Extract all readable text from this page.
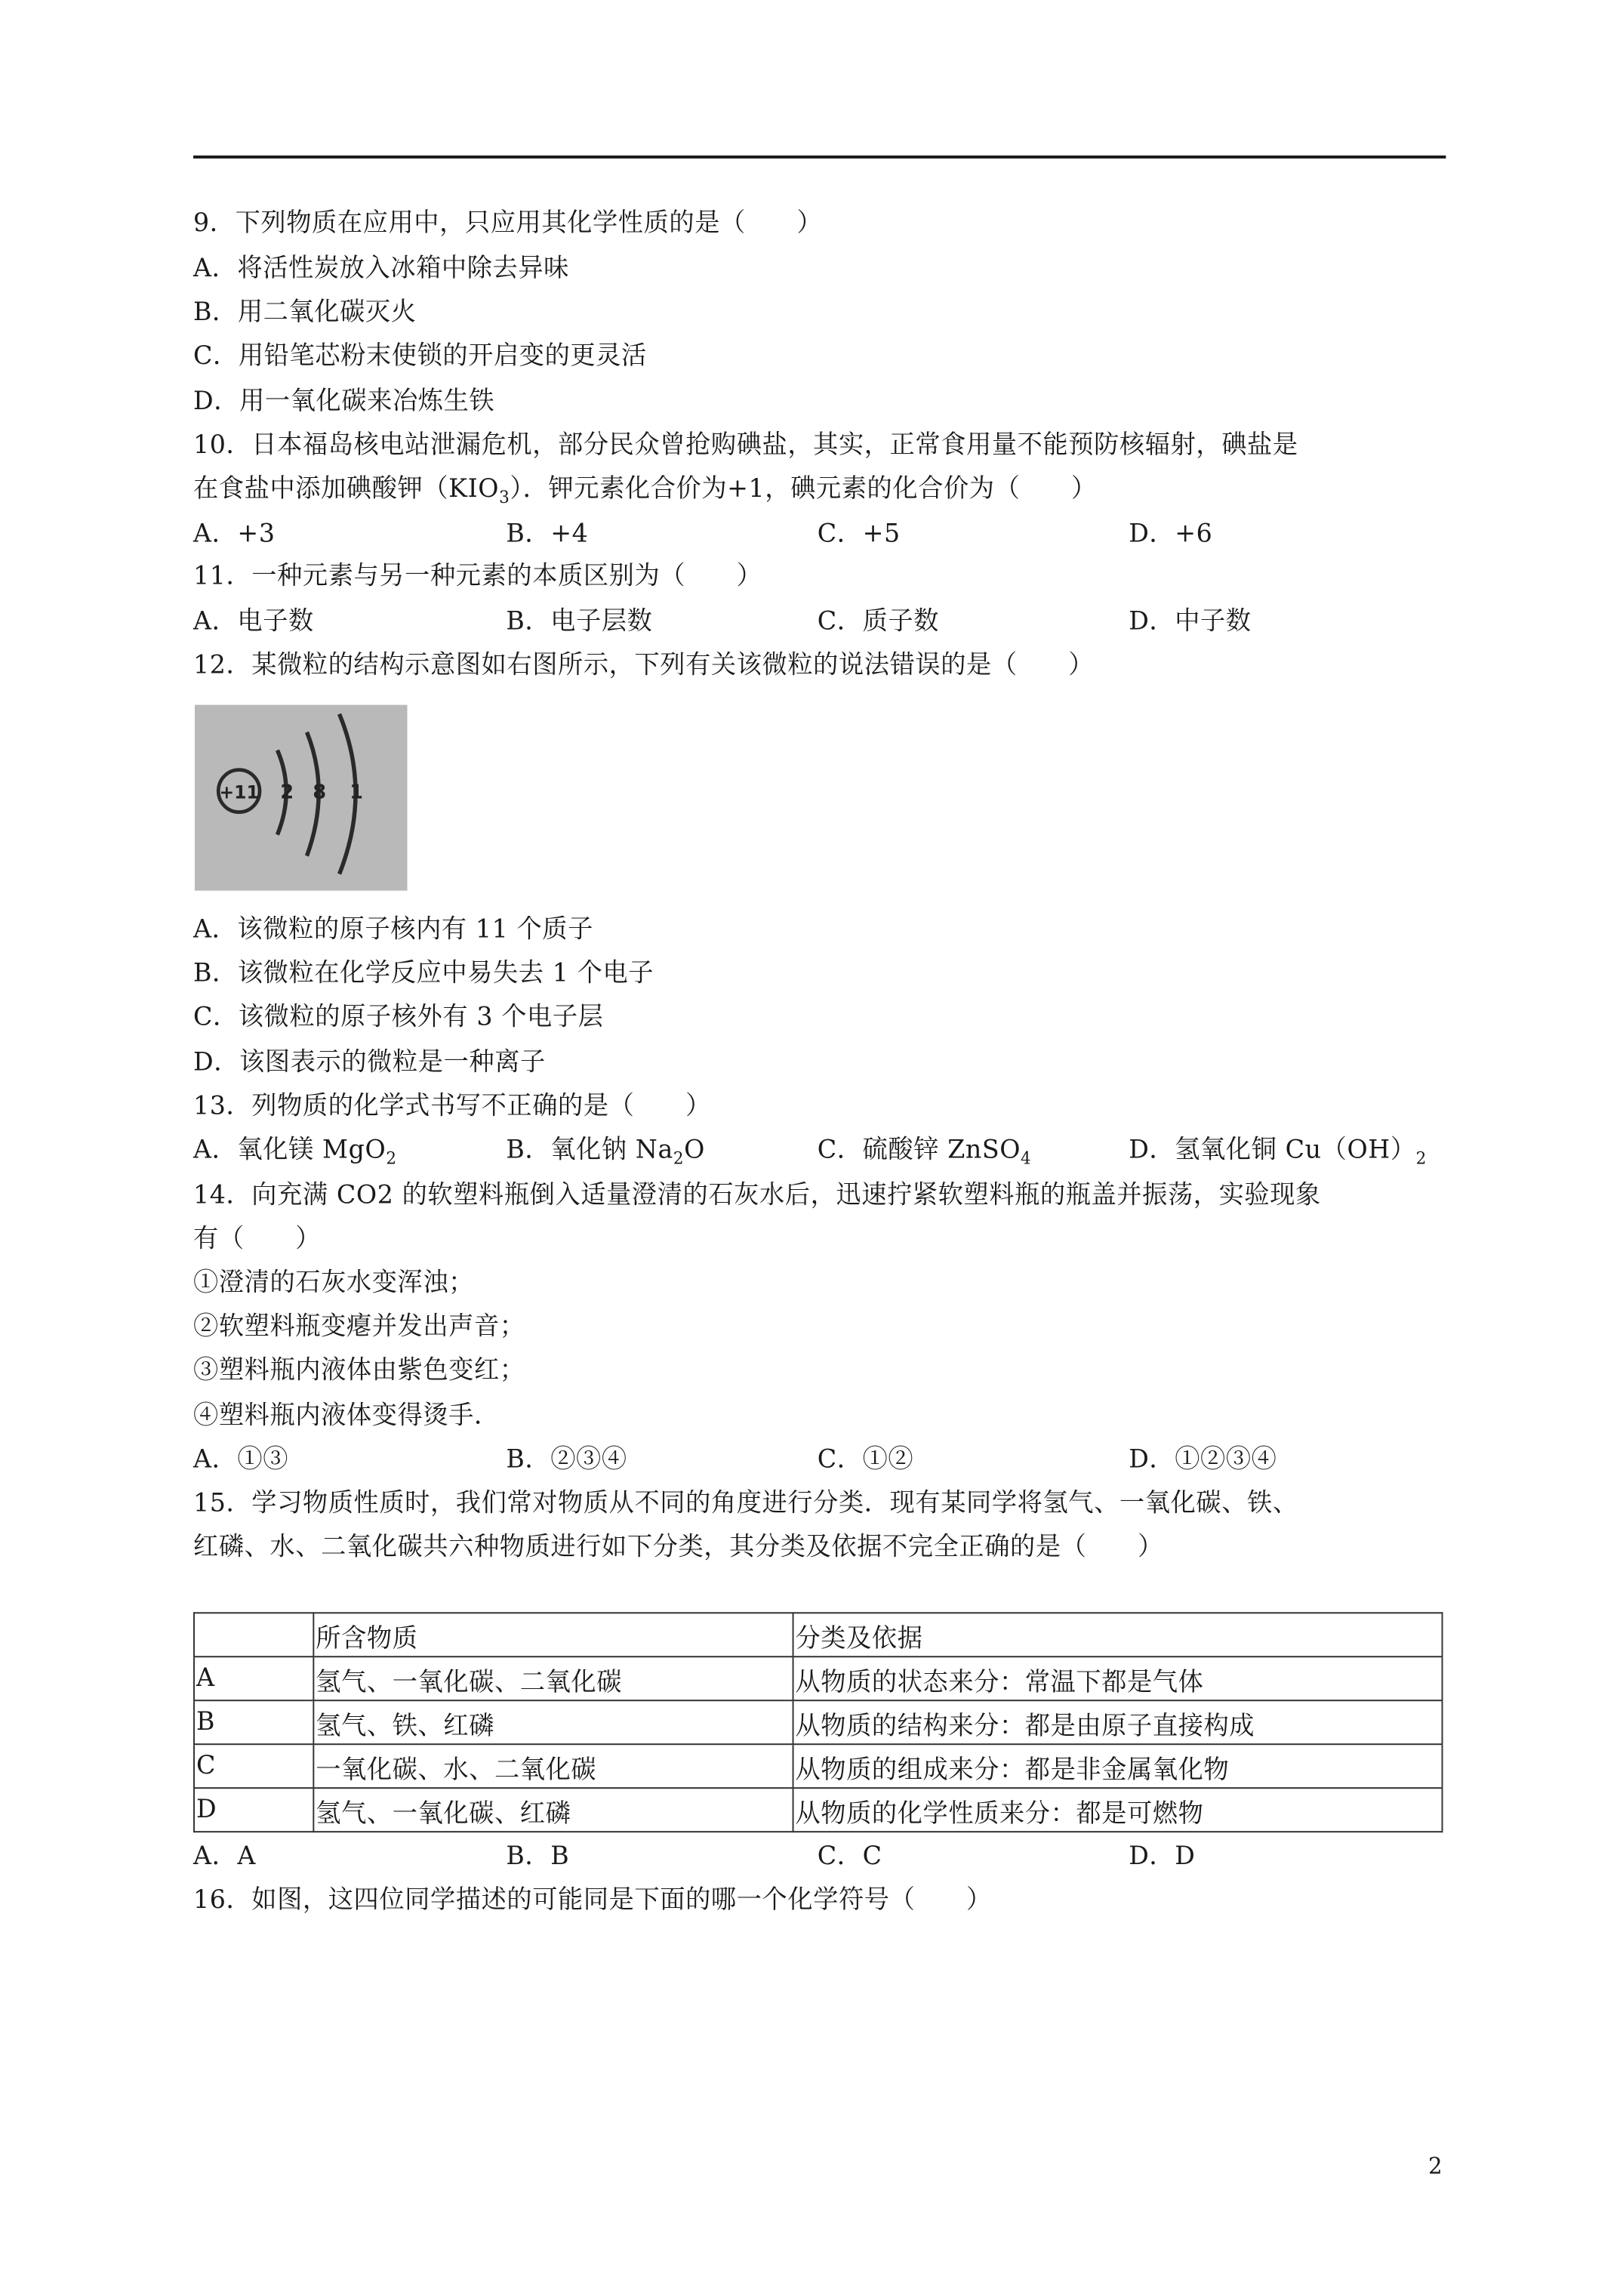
9．下列物质在应用中，只应用其化学性质的是（　　）
A．将活性炭放入冰箱中除去异味
B．用二氧化碳灭火
C．用铅笔芯粉末使锁的开启变的更灵活
D．用一氧化碳来冶炼生铁
10．日本福岛核电站泄漏危机，部分民众曾抢购碘盐，其实，正常食用量不能预防核辐射，碘盐是
在食盐中添加碘酸钾$(KIO_3)$．钾元素化合价为+1，碘元素的化合价为（　　）
A．+3	B．+4	C．+5	D．+6
11．一种元素与另一种元素的本质区别为（　　）
A．电子数	B．电子层数	C．质子数	D．中子数
12．某微粒的结构示意图如右图所示，下列有关该微粒的说法错误的是（　　）
+11 2 8 1
A．该微粒的原子核内有 11 个质子
B．该微粒在化学反应中易失去 1 个电子
C．该微粒的原子核外有 3 个电子层
D．该图表示的微粒是一种离子
13．列物质的化学式书写不正确的是（　　）
A．氧化镁 MgO$_2$	B．氧化钠 $Na_2O$	C．硫酸锌 ZnSO$_4$	D．氢氧化铜 $Cu(OH)_2$
14．向充满 CO2 的软塑料瓶倒入适量澄清的石灰水后，迅速拧紧软塑料瓶的瓶盖并振荡，实验现象
有（　　）
①澄清的石灰水变浑浊；
②软塑料瓶变瘪并发出声音；
③塑料瓶内液体由紫色变红；
④塑料瓶内液体变得烫手．
A．①③	B．②③④	C．①②	D．①②③④
15．学习物质性质时，我们常对物质从不同的角度进行分类．现有某同学将氢气、一氧化碳、铁、
红磷、水、二氧化碳共六种物质进行如下分类，其分类及依据不完全正确的是（　　）
	所含物质	分类及依据
A	氢气、一氧化碳、二氧化碳	从物质的状态来分：常温下都是气体
B	氢气、铁、红磷	从物质的结构来分：都是由原子直接构成
C	一氧化碳、水、二氧化碳	从物质的组成来分：都是非金属氧化物
D	氢气、一氧化碳、红磷	从物质的化学性质来分：都是可燃物
A．A	B．B	C．C	D．D
16．如图，这四位同学描述的可能同是下面的哪一个化学符号（　　）
2
